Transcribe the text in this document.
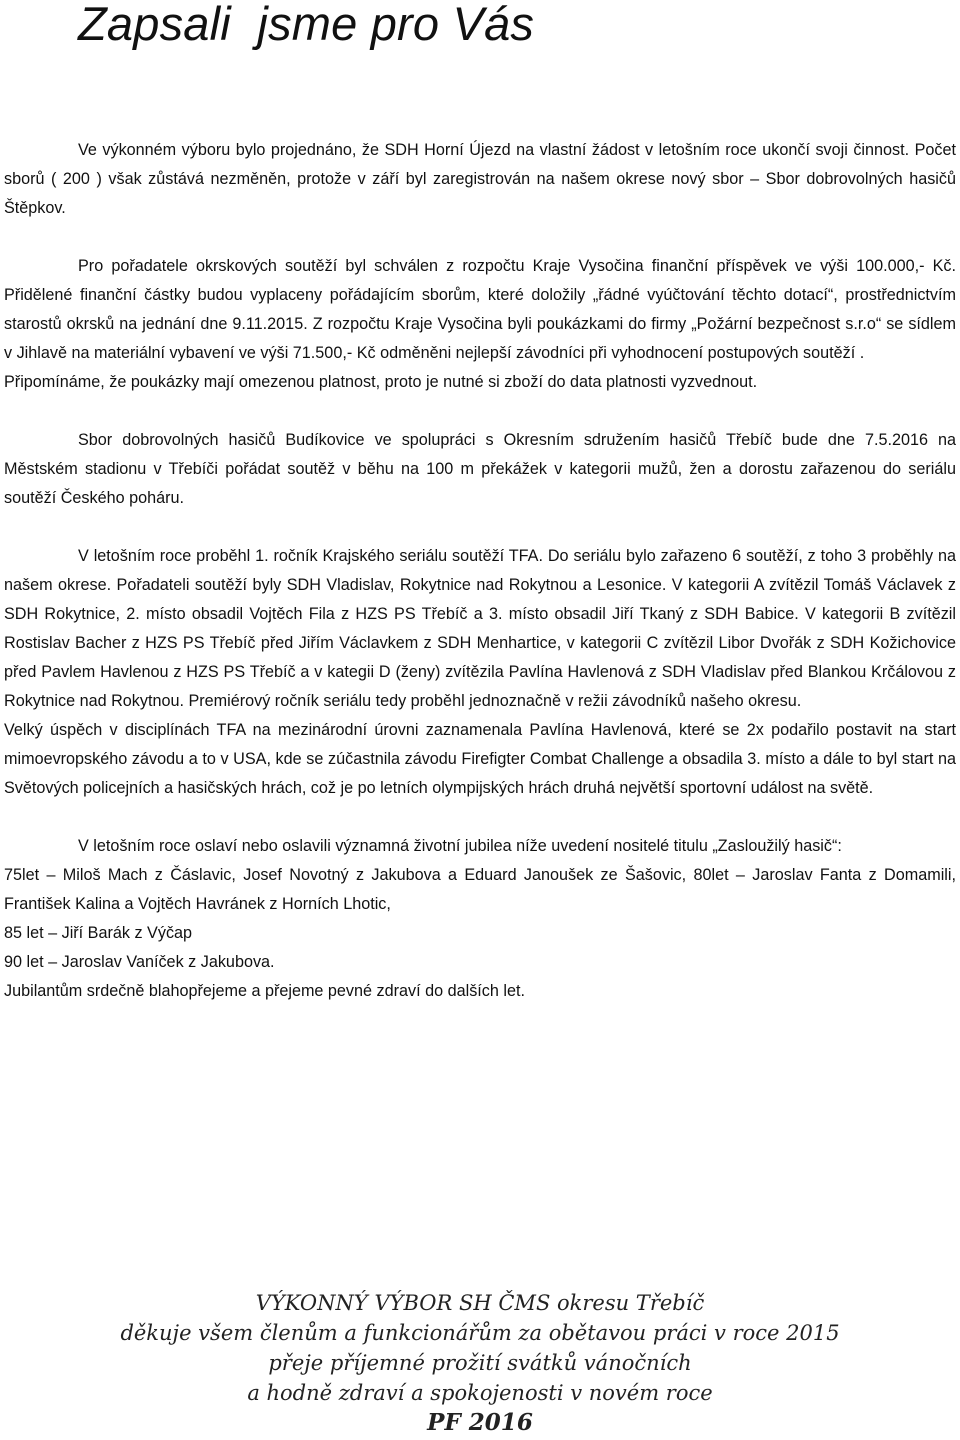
Zapsali  jsme pro Vás

Ve výkonném výboru bylo projednáno, že SDH Horní Újezd na vlastní žádost v letošním roce ukončí svoji činnost. Počet sborů ( 200 ) však zůstává nezměněn, protože v září byl zaregistrován na našem okrese nový sbor – Sbor dobrovolných hasičů Štěpkov.

Pro pořadatele okrskových soutěží byl schválen z rozpočtu Kraje Vysočina finanční příspěvek ve výši 100.000,- Kč. Přidělené finanční částky budou vyplaceny pořádajícím sborům, které doložily „řádné vyúčtování těchto dotací“, prostřednictvím starostů okrsků na jednání dne 9.11.2015. Z rozpočtu Kraje Vysočina byli poukázkami do firmy „Požární bezpečnost s.r.o“ se sídlem v Jihlavě na materiální vybavení ve výši 71.500,- Kč odměněni nejlepší závodníci při vyhodnocení postupových soutěží .

Připomínáme, že poukázky mají omezenou platnost, proto je nutné si zboží do data platnosti vyzvednout.

Sbor dobrovolných hasičů Budíkovice ve spolupráci s Okresním sdružením hasičů Třebíč bude dne 7.5.2016 na Městském stadionu v Třebíči pořádat soutěž v běhu na 100 m překážek v kategorii mužů, žen a dorostu zařazenou do seriálu soutěží Českého poháru.

V letošním roce proběhl 1. ročník Krajského seriálu soutěží TFA. Do seriálu bylo zařazeno 6 soutěží, z toho 3 proběhly na našem okrese. Pořadateli soutěží byly SDH Vladislav, Rokytnice nad Rokytnou a Lesonice. V kategorii A zvítězil Tomáš Václavek z SDH Rokytnice, 2. místo obsadil Vojtěch Fila z HZS PS Třebíč a 3. místo obsadil Jiří Tkaný z SDH Babice. V kategorii B zvítězil Rostislav Bacher z HZS PS Třebíč před Jiřím Václavkem z SDH Menhartice, v kategorii C zvítězil Libor Dvořák z SDH Kožichovice před Pavlem Havlenou z HZS PS Třebíč a v kategii D (ženy) zvítězila Pavlína Havlenová z SDH Vladislav před Blankou Krčálovou z Rokytnice nad Rokytnou. Premiérový ročník seriálu tedy proběhl jednoznačně v režii závodníků našeho okresu.

Velký úspěch v disciplínách TFA na mezinárodní úrovni zaznamenala Pavlína Havlenová, které se 2x podařilo postavit na start mimoevropského závodu a to v USA, kde se zúčastnila závodu Firefigter Combat Challenge a obsadila 3. místo a dále to byl start na Světových policejních a hasičských hrách, což je po letních olympijských hrách druhá největší sportovní událost na světě.

V letošním roce oslaví nebo oslavili významná životní jubilea níže uvedení nositelé titulu „Zasloužilý hasič“:

75let – Miloš Mach z Čáslavic, Josef Novotný z Jakubova a Eduard Janoušek ze Šašovic, 80let – Jaroslav Fanta z Domamili, František Kalina a Vojtěch Havránek z Horních Lhotic,

85 let – Jiří Barák z Výčap

90 let – Jaroslav Vaníček z Jakubova.

Jubilantům srdečně blahopřejeme a přejeme pevné zdraví do dalších let.

VÝKONNÝ VÝBOR SH ČMS okresu Třebíč

děkuje všem členům a funkcionářům za obětavou práci v roce 2015

přeje příjemné prožití svátků vánočních

a hodně zdraví a spokojenosti v novém roce

PF 2016
